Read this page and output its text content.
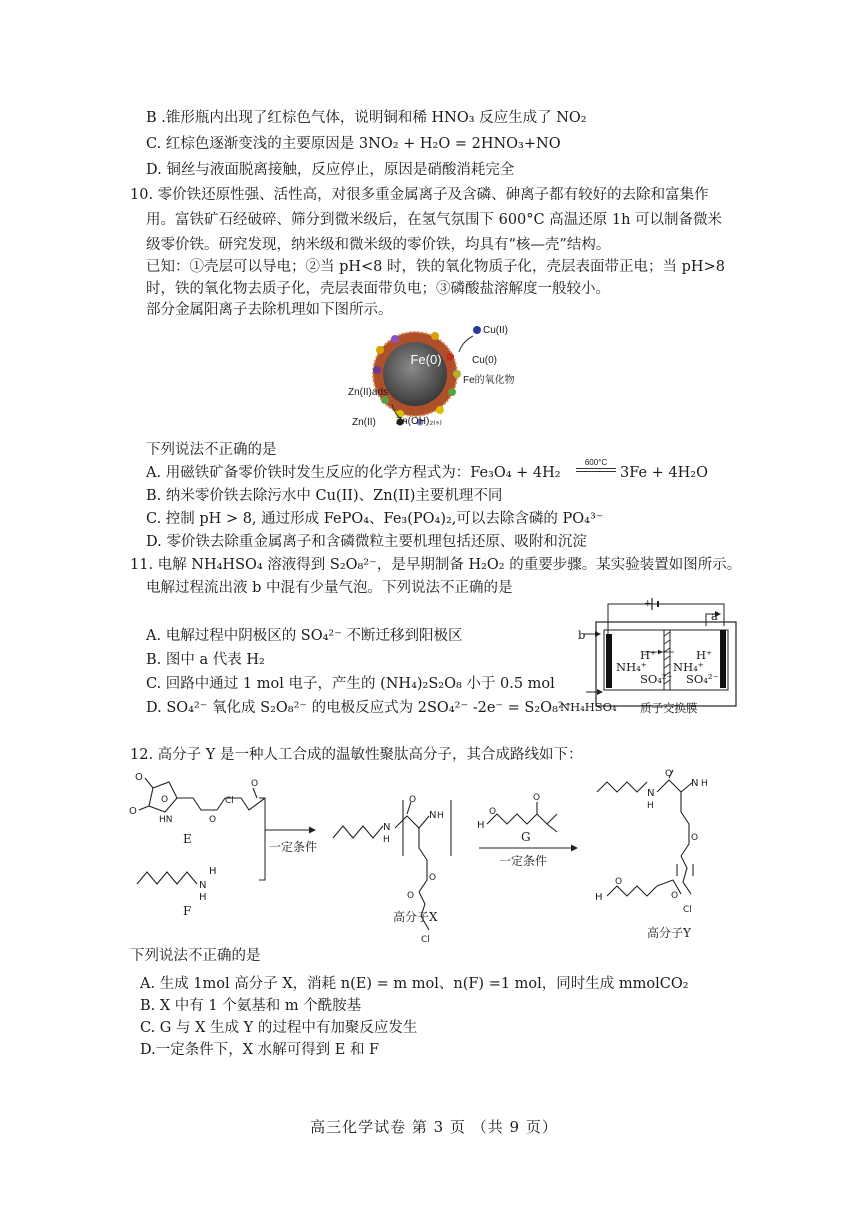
B .锥形瓶内出现了红棕色气体，说明铜和稀 HNO₃ 反应生成了 NO₂
C. 红棕色逐渐变浅的主要原因是 3NO₂ + H₂O = 2HNO₃+NO
D. 铜丝与液面脱离接触，反应停止，原因是硝酸消耗完全
10. 零价铁还原性强、活性高，对很多重金属离子及含磷、砷离子都有较好的去除和富集作
用。富铁矿石经破碎、筛分到微米级后，在氢气氛围下 600°C 高温还原 1h 可以制备微米
级零价铁。研究发现，纳米级和微米级的零价铁，均具有“核—壳”结构。
已知：①壳层可以导电；②当 pH<8 时，铁的氧化物质子化，壳层表面带正电；当 pH>8
时，铁的氧化物去质子化，壳层表面带负电；③磷酸盐溶解度一般较小。
部分金属阳离子去除机理如下图所示。
Fe(0)
Cu(II)
Cu(0)
Fe的氧化物
Zn(II)ads
Zn(II) Zn(OH)₂₍ₛ₎
下列说法不正确的是
A. 用磁铁矿备零价铁时发生反应的化学方程式为：Fe₃O₄ + 4H₂
600°C
3Fe + 4H₂O
B. 纳米零价铁去除污水中 Cu(II)、Zn(II)主要机理不同
C. 控制 pH > 8, 通过形成 FePO₄、Fe₃(PO₄)₂,可以去除含磷的 PO₄³⁻
D. 零价铁去除重金属离子和含磷微粒主要机理包括还原、吸附和沉淀
11. 电解 NH₄HSO₄ 溶液得到 S₂O₈²⁻，是早期制备 H₂O₂ 的重要步骤。某实验装置如图所示。
电解过程流出液 b 中混有少量气泡。下列说法不正确的是
A. 电解过程中阴极区的 SO₄²⁻ 不断迁移到阳极区
B. 图中 a 代表 H₂
C. 回路中通过 1 mol 电子，产生的 (NH₄)₂S₂O₈ 小于 0.5 mol
D. SO₄²⁻ 氧化成 S₂O₈²⁻ 的电极反应式为 2SO₄²⁻ -2e⁻ = S₂O₈²⁻
+
a
b
H⁺	H⁺
NH₄⁺
SO₄²⁻
NH₄⁺
SO₄²⁻
NH₄HSO₄ 质子交换膜
12. 高分子 Y 是一种人工合成的温敏性聚肽高分子，其合成路线如下：
O
O
O
HN	O
O
Cl
N
H
H
N
H
O
N H
O
O
Cl
H
O
O	N
H
O
N H
O
H
O
O
Cl
E
F
一定条件
高分子X
G
一定条件
高分子Y
下列说法不正确的是
A. 生成 1mol 高分子 X，消耗 n(E) = m mol、n(F) =1 mol，同时生成 mmolCO₂
B. X 中有 1 个氨基和 m 个酰胺基
C. G 与 X 生成 Y 的过程中有加聚反应发生
D.一定条件下，X 水解可得到 E 和 F
高三化学试卷 第 3 页 （共 9 页）
